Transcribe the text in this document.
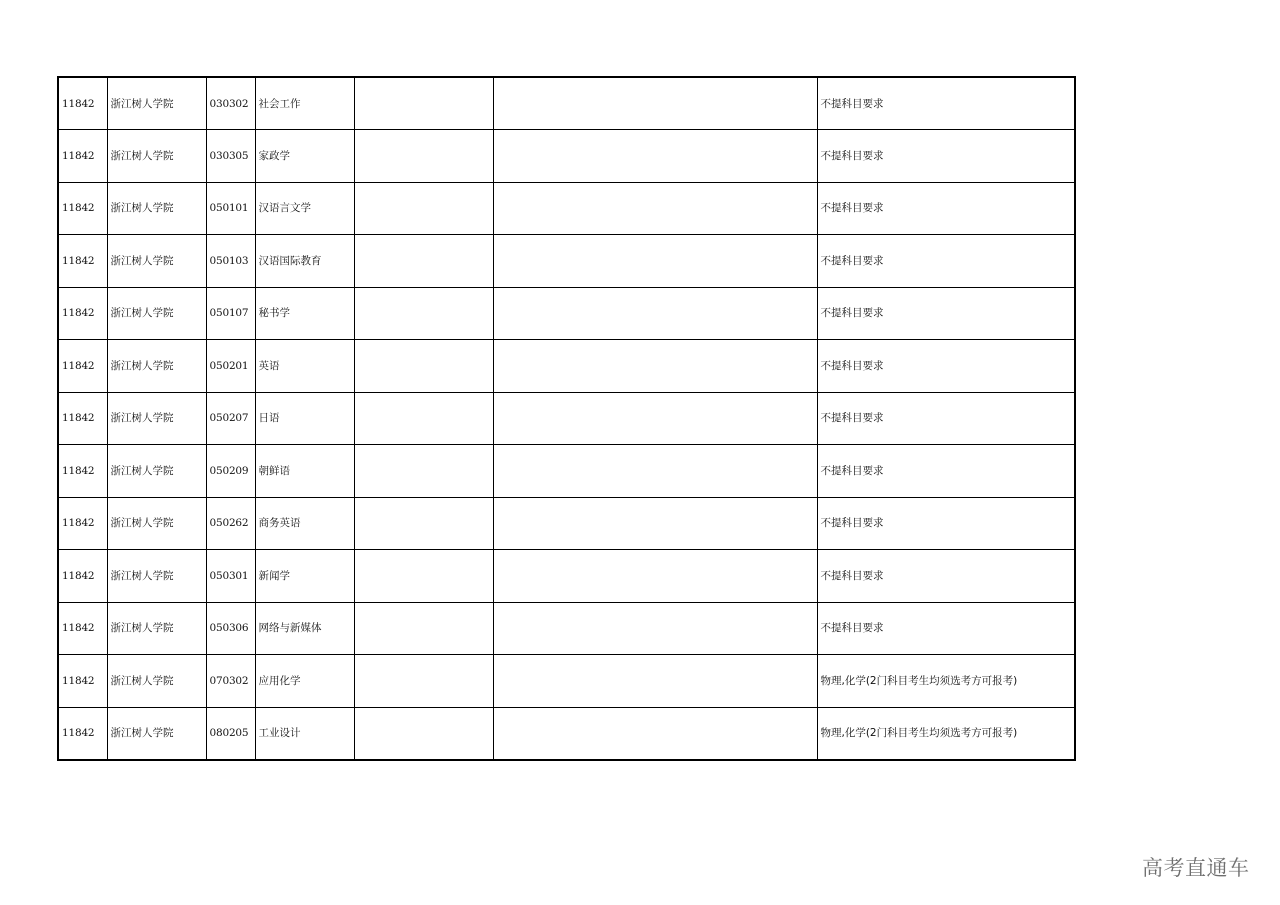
11842	浙江树人学院	030302	社会工作			不提科目要求
11842	浙江树人学院	030305	家政学			不提科目要求
11842	浙江树人学院	050101	汉语言文学			不提科目要求
11842	浙江树人学院	050103	汉语国际教育			不提科目要求
11842	浙江树人学院	050107	秘书学			不提科目要求
11842	浙江树人学院	050201	英语			不提科目要求
11842	浙江树人学院	050207	日语			不提科目要求
11842	浙江树人学院	050209	朝鲜语			不提科目要求
11842	浙江树人学院	050262	商务英语			不提科目要求
11842	浙江树人学院	050301	新闻学			不提科目要求
11842	浙江树人学院	050306	网络与新媒体			不提科目要求
11842	浙江树人学院	070302	应用化学			物理,化学(2门科目考生均须选考方可报考)
11842	浙江树人学院	080205	工业设计			物理,化学(2门科目考生均须选考方可报考)
高考直通车
